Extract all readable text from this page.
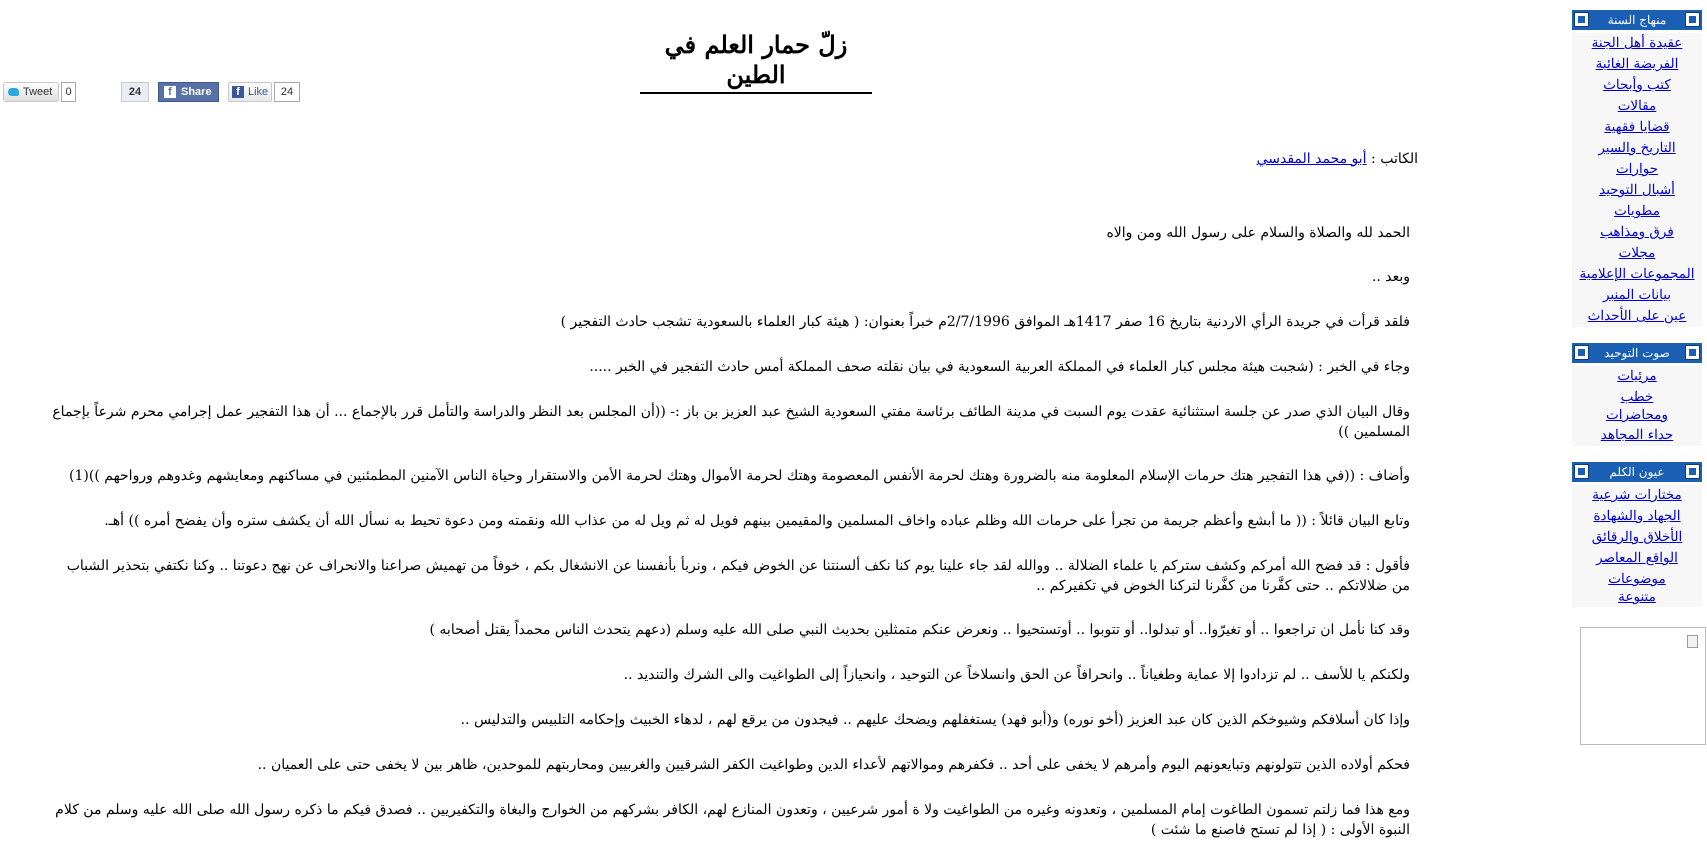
منهاج السنة
عقيدة أهل الجنة
الفريضة الغائبة
كتب وأبحاث
مقالات
قضايا فقهية
التاريخ والسير
حوارات
أشبال التوحيد
مطويات
فرق ومذاهب
مجلات
المجموعات الإعلامية
بيانات المنبر
عين على الأحداث
صوت التوحيد
مرئيات
خطب ومحاضرات
حداء المجاهد
عيون الكلم
مختارات شرعية
الجهاد والشهادة
الأخلاق والرقائق
الواقع المعاصر
موضوعات متنوعة
زلّ حمار العلم في الطين
Tweet	0	24	f Share	f Like	24
الكاتب : أبو محمد المقدسي

الحمد لله والصلاة والسلام على رسول الله ومن والاه

وبعد ..

فلقد قرأت في جريدة الرأي الاردنية بتاريخ 16 صفر 1417هـ الموافق 2/7/1996م خبراً بعنوان: ( هيئة كبار العلماء بالسعودية تشجب حادث التفجير )

وجاء في الخبر : (شجبت هيئة مجلس كبار العلماء في المملكة العربية السعودية في بيان نقلته صحف المملكة أمس حادث التفجير في الخبر .....

وقال البيان الذي صدر عن جلسة استثنائية عقدت يوم السبت في مدينة الطائف برئاسة مفتي السعودية الشيخ عبد العزيز بن باز :- ((أن المجلس بعد النظر والدراسة والتأمل قرر بالإجماع ... أن هذا التفجير عمل إجرامي محرم شرعاً بإجماع المسلمين ))

وأضاف : ((في هذا التفجير هتك حرمات الإسلام المعلومة منه بالضرورة وهتك لحرمة الأنفس المعصومة وهتك لحرمة الأموال وهتك لحرمة الأمن والاستقرار وحياة الناس الآمنين المطمئنين في مساكنهم ومعايشهم وغدوهم ورواحهم ))(1)

وتابع البيان قائلاً : (( ما أبشع وأعظم جريمة من تجرأ على حرمات الله وظلم عباده واخاف المسلمين والمقيمين بينهم فويل له ثم ويل له من عذاب الله ونقمته ومن دعوة تحيط به نسأل الله أن يكشف ستره وأن يفضح أمره )) أهـ.

فأقول : قد فضح الله أمركم وكشف ستركم يا علماء الضلالة .. ووالله لقد جاء علينا يوم كنا نكف ألسنتنا عن الخوض فيكم ، ونربأ بأنفسنا عن الانشغال بكم ، خوفاً من تهميش صراعنا والانحراف عن نهج دعوتنا .. وكنا نكتفي بتحذير الشباب من ضلالاتكم .. حتى كفَّرنا من كفَّرنا لتركنا الخوض في تكفيركم ..

وقد كنا نأمل ان تراجعوا .. أو تغيرّوا.. أو تبدلوا.. أو تتوبوا .. أوتستحيوا .. ونعرض عنكم متمثلين بحديث النبي صلى الله عليه وسلم (دعهم يتحدث الناس محمداً يقتل أصحابه )

ولكنكم يا للأسف .. لم تزدادوا إلا عماية وطغياناً .. وانحرافاً عن الحق وانسلاخاً عن التوحيد ، وانحيازاً إلى الطواغيت والى الشرك والتنديد ..

وإذا كان أسلافكم وشيوخكم الذين كان عبد العزيز (أخو نوره) و(أبو فهد) يستغفلهم ويضحك عليهم .. فيجدون من يرقع لهم ، لدهاء الخبيث وإحكامه التلبيس والتدليس ..

فحكم أولاده الذين تتولونهم وتبايعونهم اليوم وأمرهم لا يخفى على أحد .. فكفرهم وموالاتهم لأعداء الدين وطواغيت الكفر الشرقيين والغربيين ومحاربتهم للموحدين، ظاهر بين لا يخفى حتى على العميان ..

ومع هذا فما زلتم تسمون الطاغوت إمام المسلمين ، وتعدونه وغيره من الطواغيت ولا ة أمور شرعيين ، وتعدون المنازع لهم، الكافر بشركهم من الخوارج والبغاة والتكفيريين .. فصدق فيكم ما ذكره رسول الله صلى الله عليه وسلم من كلام النبوة الأولى : ( إذا لم تستح فاصنع ما شئت )
